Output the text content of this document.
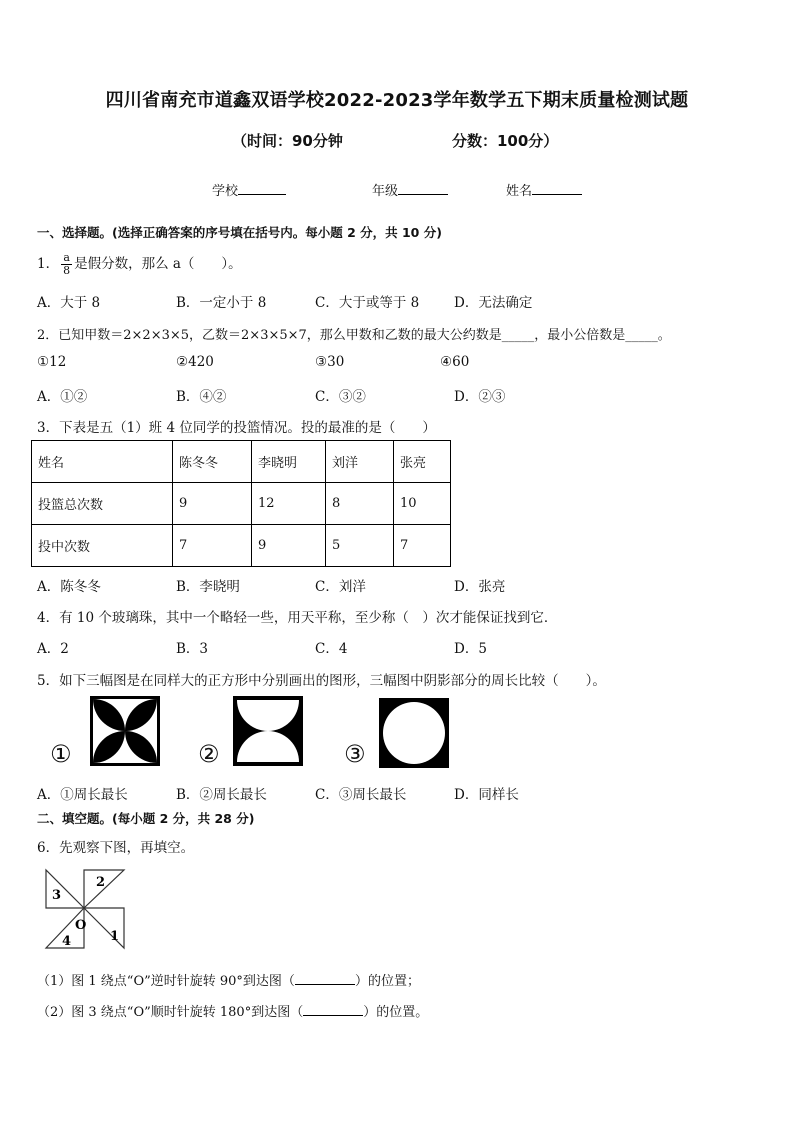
四川省南充市道鑫双语学校2022-2023学年数学五下期末质量检测试题
（时间：90分钟	分数：100分）
学校	年级	姓名
一、选择题。(选择正确答案的序号填在括号内。每小题 2 分，共 10 分)
1． $\frac{a}{8}$ 是假分数，那么 a（　　）。
A．大于 8	B．一定小于 8	C．大于或等于 8	D．无法确定
2．已知甲数＝2×2×3×5，乙数＝2×3×5×7，那么甲数和乙数的最大公约数是_____，最小公倍数是_____。
①12	②420	③30	④60
A．①②	B．④②	C．③②	D．②③
3．下表是五（1）班 4 位同学的投篮情况。投的最准的是（　　）
姓名	陈冬冬	李晓明	刘洋	张亮
投篮总次数	9	12	8	10
投中次数	7	9	5	7
A．陈冬冬	B．李晓明	C．刘洋	D．张亮
4．有 10 个玻璃珠，其中一个略轻一些，用天平称，至少称（　）次才能保证找到它．
A．2	B．3	C．4	D．5
5．如下三幅图是在同样大的正方形中分别画出的图形，三幅图中阴影部分的周长比较（　　）。
①	②	③
A．①周长最长	B．②周长最长	C．③周长最长	D．同样长
二、填空题。(每小题 2 分，共 28 分)
6．先观察下图，再填空。
3
2
O
4	1
（1）图 1 绕点“O”逆时针旋转 90°到达图（	）的位置；
（2）图 3 绕点“O”顺时针旋转 180°到达图（	）的位置。
